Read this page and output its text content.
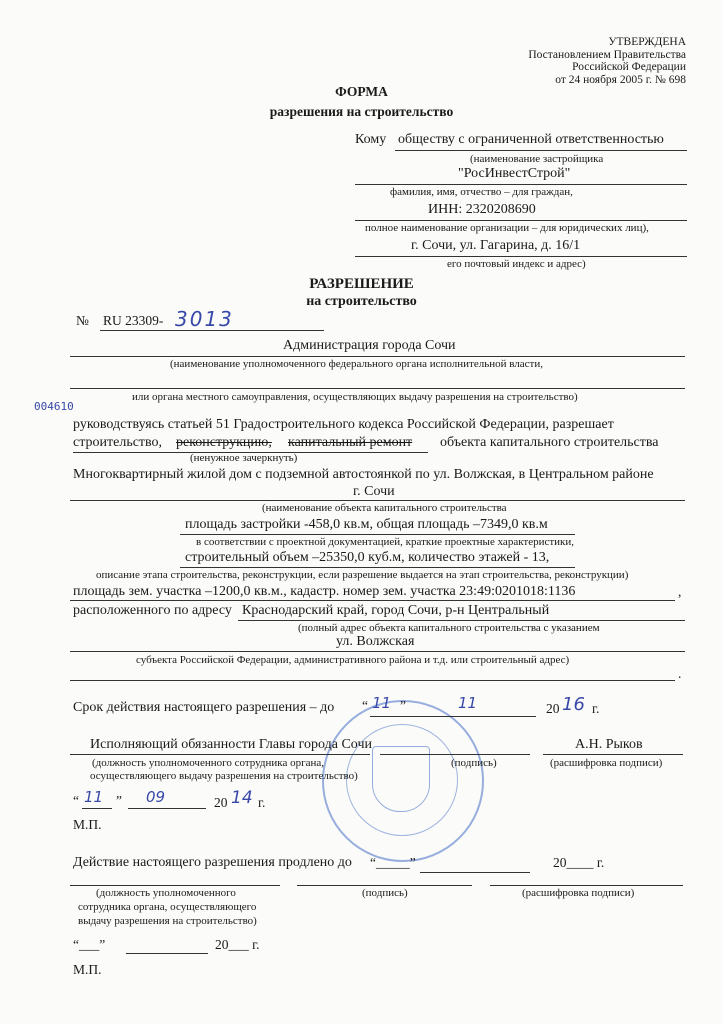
УТВЕРЖДЕНА
Постановлением Правительства
Российской Федерации
от 24 ноября 2005 г. № 698
ФОРМА
разрешения на строительство
Кому обществу с ограниченной ответственностью
(наименование застройщика
"РосИнвестСтрой"
фамилия, имя, отчество – для граждан,
ИНН: 2320208690
полное наименование организации – для юридических лиц),
г. Сочи, ул. Гагарина, д. 16/1
его почтовый индекс и адрес)
РАЗРЕШЕНИЕ
на строительство
№ RU 23309- 3013
Администрация города Сочи
(наименование уполномоченного федерального органа исполнительной власти,
или органа местного самоуправления, осуществляющих выдачу разрешения на строительство)
004610
руководствуясь статьей 51 Градостроительного кодекса Российской Федерации, разрешает
строительство, реконструкцию, капитальный ремонт объекта капитального строительства
(ненужное зачеркнуть)
Многоквартирный жилой дом с подземной автостоянкой по ул. Волжская, в Центральном районе
г. Сочи
(наименование объекта капитального строительства
площадь застройки -458,0 кв.м, общая площадь –7349,0 кв.м
в соответствии с проектной документацией, краткие проектные характеристики,
строительный объем –25350,0 куб.м, количество этажей - 13,
описание этапа строительства, реконструкции, если разрешение выдается на этап строительства, реконструкции)
площадь зем. участка –1200,0 кв.м., кадастр. номер зем. участка 23:49:0201018:1136	,
расположенного по адресу Краснодарский край, город Сочи, р-н Центральный
(полный адрес объекта капитального строительства с указанием
ул. Волжская
субъекта Российской Федерации, административного района и т.д. или строительный адрес)
.
Срок действия настоящего разрешения – до “ 11 ”	11	20 16 г.
Исполняющий обязанности Главы города Сочи	А.Н. Рыков
(должность уполномоченного сотрудника органа,
осуществляющего выдачу разрешения на строительство)
(подпись)	(расшифровка подписи)
“ 11 ” 09	20 14 г.
М.П.
Действие настоящего разрешения продлено до “_____”	20____ г.
(должность уполномоченного
сотрудника органа, осуществляющего
выдачу разрешения на строительство)
(подпись)	(расшифровка подписи)
“___”	20___ г.
М.П.
